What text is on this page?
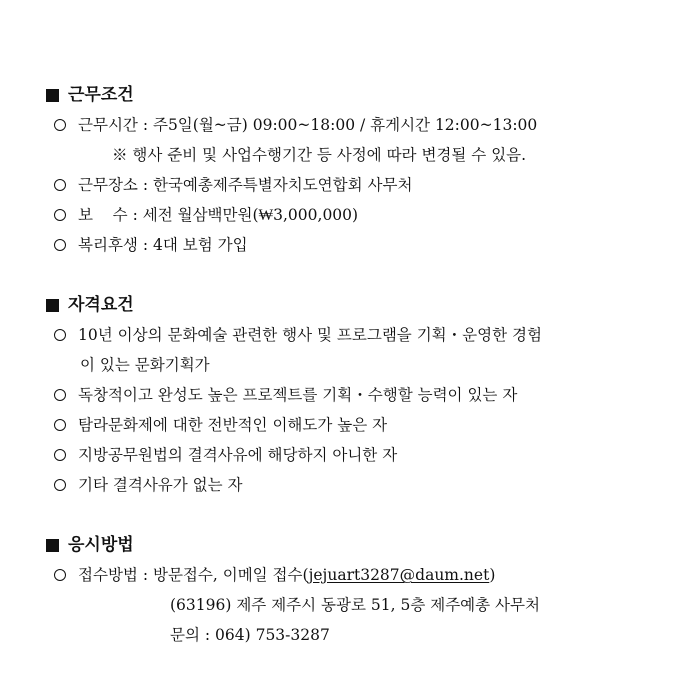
근무조건
근무시간 : 주5일(월~금) 09:00~18:00 / 휴게시간 12:00~13:00
※ 행사 준비 및 사업수행기간 등 사정에 따라 변경될 수 있음.
근무장소 : 한국예총제주특별자치도연합회 사무처
보    수 : 세전 월삼백만원(₩3,000,000)
복리후생 : 4대 보험 가입
자격요건
10년 이상의 문화예술 관련한 행사 및 프로그램을 기획・운영한 경험
이 있는 문화기획가
독창적이고 완성도 높은 프로젝트를 기획・수행할 능력이 있는 자
탐라문화제에 대한 전반적인 이해도가 높은 자
지방공무원법의 결격사유에 해당하지 아니한 자
기타 결격사유가 없는 자
응시방법
접수방법 : 방문접수, 이메일 접수(jejuart3287@daum.net)
(63196) 제주 제주시 동광로 51, 5층 제주예총 사무처
문의 : 064) 753-3287
